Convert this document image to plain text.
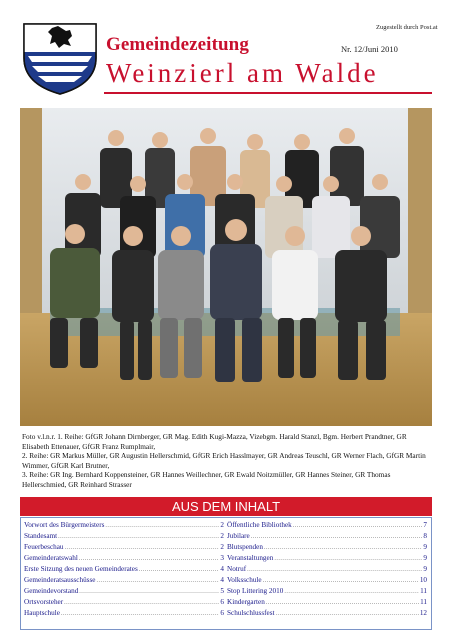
Zugestellt durch Post.at
Gemeindezeitung	Nr. 12/Juni 2010
Weinzierl am Walde

Foto v.l.n.r. 1. Reihe: GfGR Johann Dirnberger, GR Mag. Edith Kugi-Mazza, Vizebgm. Harald Stanzl, Bgm. Herbert Prandtner, GR Elisabeth Ettenauer, GfGR Franz Rumplmair,

2. Reihe: GR Markus Müller, GR Augustin Hellerschmid, GfGR Erich Hasslmayer, GR Andreas Teuschl, GR Werner Flach, GfGR Martin Wimmer, GfGR Karl Brutner,

3. Reihe: GR Ing. Bernhard Koppensteiner, GR Hannes Weillechner, GR Ewald Noitzmüller, GR Hannes Steiner, GR Thomas Hellerschmied, GR Reinhard Strasser

AUS DEM INHALT
Vorwort des Bürgermeisters .....	2
Standesamt .....	2
Feuerbeschau .....	2
Gemeinderatswahl .....	3
Erste Sitzung des neuen Gemeinderates .....	4
Gemeinderatsausschüsse .....	4
Gemeindevorstand .....	5
Ortsvorsteher .....	6
Hauptschule .....	6
Öffentliche Bibliothek .....	7
Jubilare .....	8
Blutspenden .....	9
Veranstaltungen .....	9
Notruf .....	9
Volksschule .....	10
Stop Littering 2010 .....	11
Kindergarten .....	11
Schulschlussfest .....	12
